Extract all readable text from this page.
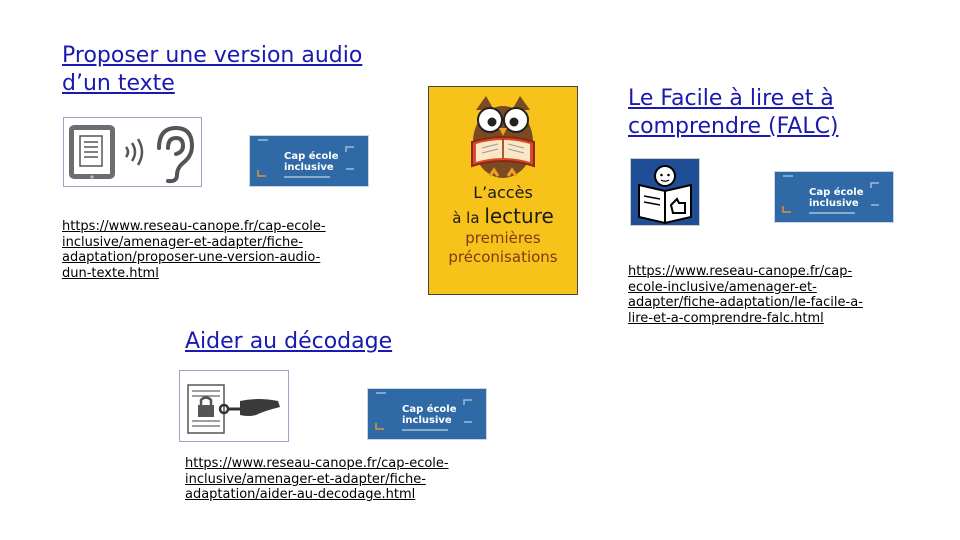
Proposer une version audio
d’un texte
Cap école
inclusive
https://www.reseau-canope.fr/cap-ecole-
inclusive/amenager-et-adapter/fiche-
adaptation/proposer-une-version-audio-
dun-texte.html
L’accès
à la lecture
premières
préconisations
Aider au décodage
Cap école
inclusive
https://www.reseau-canope.fr/cap-ecole-
inclusive/amenager-et-adapter/fiche-
adaptation/aider-au-decodage.html
Le Facile à lire et à
comprendre (FALC)
Cap école
inclusive
https://www.reseau-canope.fr/cap-
ecole-inclusive/amenager-et-
adapter/fiche-adaptation/le-facile-a-
lire-et-a-comprendre-falc.html
